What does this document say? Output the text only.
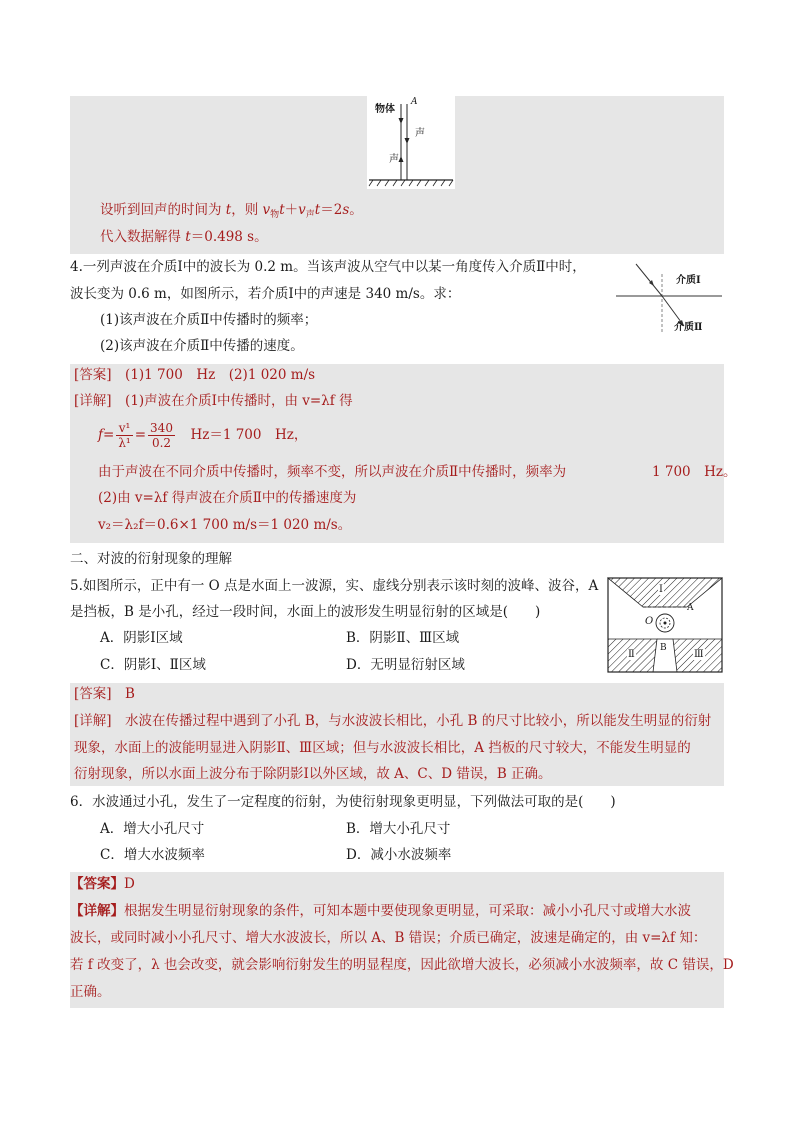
物体
A
声
声
设听到回声的时间为 t，则 $v_物t+v_声t=2s$。
代入数据解得 t＝0.498 s。
4.一列声波在介质Ⅰ中的波长为 0.2 m。当该声波从空气中以某一角度传入介质Ⅱ中时，
波长变为 0.6 m，如图所示，若介质Ⅰ中的声速是 340 m/s。求：
(1)该声波在介质Ⅱ中传播时的频率；
(2)该声波在介质Ⅱ中传播的速度。
介质Ⅰ
介质Ⅱ
[答案]　 (1)1 700　Hz　(2)1 020 m/s
[详解]　 (1)声波在介质Ⅰ中传播时，由 v=λf 得
$f= \frac{\text{v¹}}{\text{λ¹}} = \frac{340}{0.2}$
　 Hz＝1 700　Hz，
由于声波在不同介质中传播时，频率不变，所以声波在介质Ⅱ中传播时，频率为	1 700　Hz。
(2)由 v=λf 得声波在介质Ⅱ中的传播速度为
v₂＝λ₂f＝0.6×1 700 m/s＝1 020 m/s。
二、对波的衍射现象的理解
5.如图所示，正中有一 O 点是水面上一波源，实、虚线分别表示该时刻的波峰、波谷，A
是挡板，B 是小孔，经过一段时间，水面上的波形发生明显衍射的区域是(　　)
A．阴影Ⅰ区域	B．阴影Ⅱ、Ⅲ区域
C．阴影Ⅰ、Ⅱ区域	D．无明显衍射区域
Ⅰ
A
O
Ⅱ
B
Ⅲ
[答案]　 B
[详解]　 水波在传播过程中遇到了小孔 B，与水波波长相比，小孔 B 的尺寸比较小，所以能发生明显的衍射
现象，水面上的波能明显进入阴影Ⅱ、Ⅲ区域；但与水波波长相比，A 挡板的尺寸较大，不能发生明显的
衍射现象，所以水面上波分布于除阴影Ⅰ以外区域，故 A、C、D 错误，B 正确。
6．水波通过小孔，发生了一定程度的衍射，为使衍射现象更明显，下列做法可取的是(　　)
A．增大小孔尺寸	B．增大小孔尺寸
C．增大水波频率	D．减小水波频率
【答案】D
【详解】根据发生明显衍射现象的条件，可知本题中要使现象更明显，可采取：减小小孔尺寸或增大水波
波长，或同时减小小孔尺寸、增大水波波长，所以 A、B 错误；介质已确定，波速是确定的，由 v=λf 知：
若 f 改变了，λ 也会改变，就会影响衍射发生的明显程度，因此欲增大波长，必须减小水波频率，故 C 错误，D
正确。
